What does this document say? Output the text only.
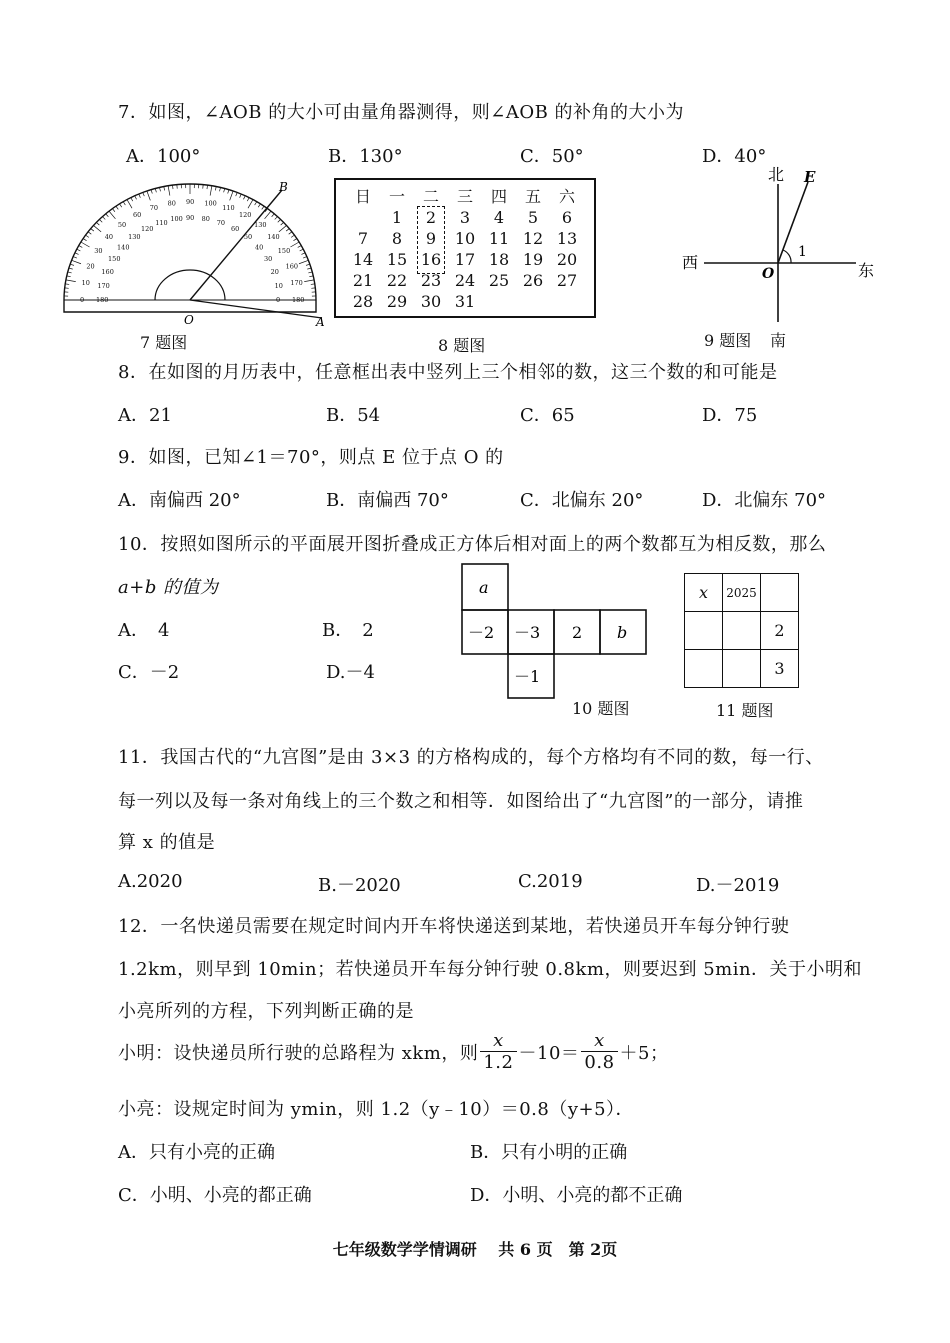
7．如图，∠AOB 的大小可由量角器测得，则∠AOB 的补角的大小为
A．100°	B．130°	C．50°	D．40°
0
10
20
30
40
50
60
70
80 90 100
110
120
130
140
150
160
170
180
180
170
160
150
140
130
120
110 100 90 80 70
60
50
40
30
20
10
0
B
O	A
7 题图
日	一	二	三	四	五	六
	1	2	3	4	5	6
7	8	9	10	11	12	13
14	15	16	17	18	19	20
21	22	23	24	25	26	27
28	29	30	31			
8 题图
北 E
西	东
O
1
9 题图 南
8．在如图的月历表中，任意框出表中竖列上三个相邻的数，这三个数的和可能是
A．21	B．54	C．65	D．75
9．如图，已知∠1＝70°，则点 E 位于点 O 的
A．南偏西 20°	B．南偏西 70°	C．北偏东 20°	D．北偏东 70°
10．按照如图所示的平面展开图折叠成正方体后相对面上的两个数都互为相反数，那么
a+b 的值为
A．　4	B．　2
C．－2	D.－4
a
－2 －3 2 b
－1
10 题图
x	2025	
		2
		3
11 题图
11．我国古代的“九宫图”是由 3×3 的方格构成的，每个方格均有不同的数，每一行、
每一列以及每一条对角线上的三个数之和相等．如图给出了“九宫图”的一部分，请推
算 x 的值是
A.2020	B.－2020	C.2019	D.－2019
12．一名快递员需要在规定时间内开车将快递送到某地，若快递员开车每分钟行驶
1.2km，则早到 10min；若快递员开车每分钟行驶 0.8km，则要迟到 5min．关于小明和
小亮所列的方程，下列判断正确的是
小明：设快递员所行驶的总路程为 xkm，则 $\frac{x}{1.2} -10= \frac{x}{0.8} +5$；
小亮：设规定时间为 ymin，则 1.2（y﹣10）＝0.8（y+5）．
A．只有小亮的正确	B．只有小明的正确
C．小明、小亮的都正确	D．小明、小亮的都不正确
七年级数学学情调研　 共 6 页　第 2页
